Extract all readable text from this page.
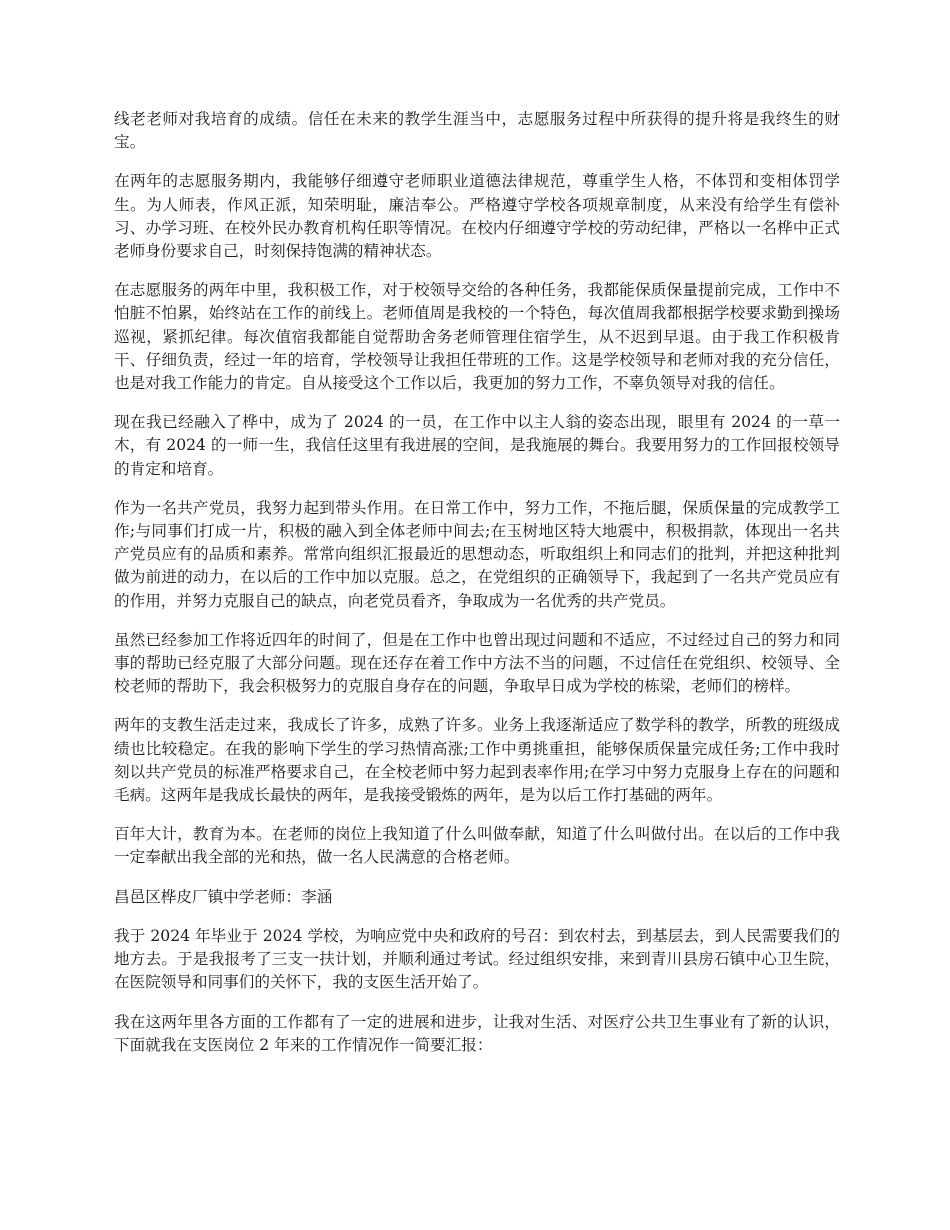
线老老师对我培育的成绩。信任在未来的教学生涯当中，志愿服务过程中所获得的提升将是我终生的财宝。

在两年的志愿服务期内，我能够仔细遵守老师职业道德法律规范，尊重学生人格，不体罚和变相体罚学生。为人师表，作风正派，知荣明耻，廉洁奉公。严格遵守学校各项规章制度，从来没有给学生有偿补习、办学习班、在校外民办教育机构任职等情况。在校内仔细遵守学校的劳动纪律，严格以一名桦中正式老师身份要求自己，时刻保持饱满的精神状态。

在志愿服务的两年中里，我积极工作，对于校领导交给的各种任务，我都能保质保量提前完成，工作中不怕脏不怕累，始终站在工作的前线上。老师值周是我校的一个特色，每次值周我都根据学校要求勤到操场巡视，紧抓纪律。每次值宿我都能自觉帮助舍务老师管理住宿学生，从不迟到早退。由于我工作积极肯干、仔细负责，经过一年的培育，学校领导让我担任带班的工作。这是学校领导和老师对我的充分信任，也是对我工作能力的肯定。自从接受这个工作以后，我更加的努力工作，不辜负领导对我的信任。

现在我已经融入了桦中，成为了 2024 的一员，在工作中以主人翁的姿态出现，眼里有 2024 的一草一木，有 2024 的一师一生，我信任这里有我进展的空间，是我施展的舞台。我要用努力的工作回报校领导的肯定和培育。

作为一名共产党员，我努力起到带头作用。在日常工作中，努力工作，不拖后腿，保质保量的完成教学工作;与同事们打成一片，积极的融入到全体老师中间去;在玉树地区特大地震中，积极捐款，体现出一名共产党员应有的品质和素养。常常向组织汇报最近的思想动态，听取组织上和同志们的批判，并把这种批判做为前进的动力，在以后的工作中加以克服。总之，在党组织的正确领导下，我起到了一名共产党员应有的作用，并努力克服自己的缺点，向老党员看齐，争取成为一名优秀的共产党员。

虽然已经参加工作将近四年的时间了，但是在工作中也曾出现过问题和不适应，不过经过自己的努力和同事的帮助已经克服了大部分问题。现在还存在着工作中方法不当的问题，不过信任在党组织、校领导、全校老师的帮助下，我会积极努力的克服自身存在的问题，争取早日成为学校的栋梁，老师们的榜样。

两年的支教生活走过来，我成长了许多，成熟了许多。业务上我逐渐适应了数学科的教学，所教的班级成绩也比较稳定。在我的影响下学生的学习热情高涨;工作中勇挑重担，能够保质保量完成任务;工作中我时刻以共产党员的标准严格要求自己，在全校老师中努力起到表率作用;在学习中努力克服身上存在的问题和毛病。这两年是我成长最快的两年，是我接受锻炼的两年，是为以后工作打基础的两年。

百年大计，教育为本。在老师的岗位上我知道了什么叫做奉献，知道了什么叫做付出。在以后的工作中我一定奉献出我全部的光和热，做一名人民满意的合格老师。

昌邑区桦皮厂镇中学老师：李涵

我于 2024 年毕业于 2024 学校，为响应党中央和政府的号召：到农村去，到基层去，到人民需要我们的地方去。于是我报考了三支一扶计划，并顺利通过考试。经过组织安排，来到青川县房石镇中心卫生院，在医院领导和同事们的关怀下，我的支医生活开始了。

我在这两年里各方面的工作都有了一定的进展和进步，让我对生活、对医疗公共卫生事业有了新的认识，下面就我在支医岗位 2 年来的工作情况作一简要汇报：
